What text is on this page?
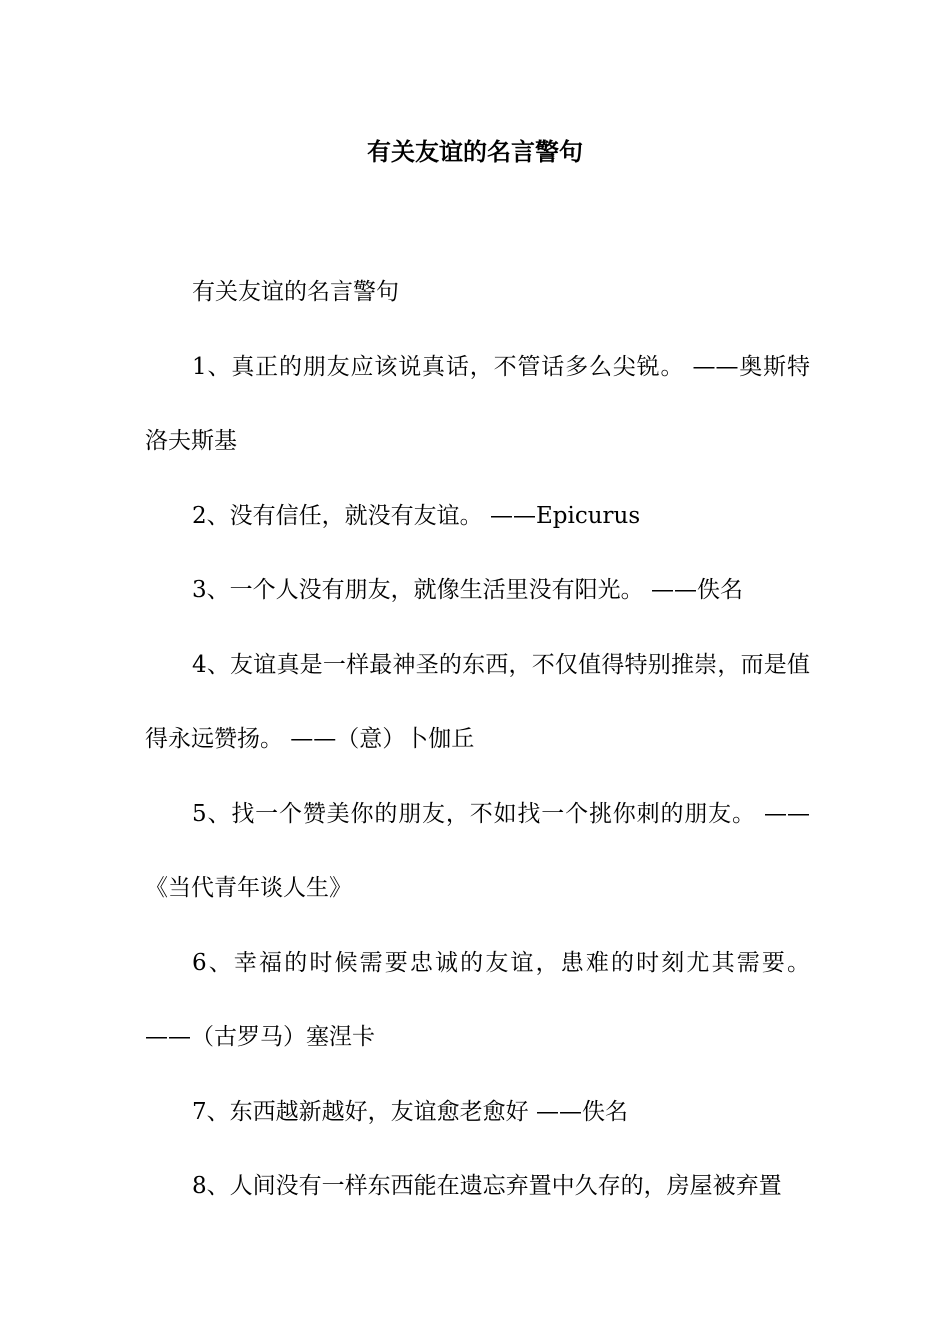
有关友谊的名言警句

有关友谊的名言警句

1、真正的朋友应该说真话，不管话多么尖锐。 ——奥斯特洛夫斯基

2、没有信任，就没有友谊。 ——Epicurus

3、一个人没有朋友，就像生活里没有阳光。 ——佚名

4、友谊真是一样最神圣的东西，不仅值得特别推崇，而是值得永远赞扬。 ——（意）卜伽丘

5、找一个赞美你的朋友，不如找一个挑你刺的朋友。 ——《当代青年谈人生》

6、幸福的时候需要忠诚的友谊，患难的时刻尤其需要。 ——（古罗马）塞涅卡

7、东西越新越好，友谊愈老愈好 ——佚名

8、人间没有一样东西能在遗忘弃置中久存的，房屋被弃置
